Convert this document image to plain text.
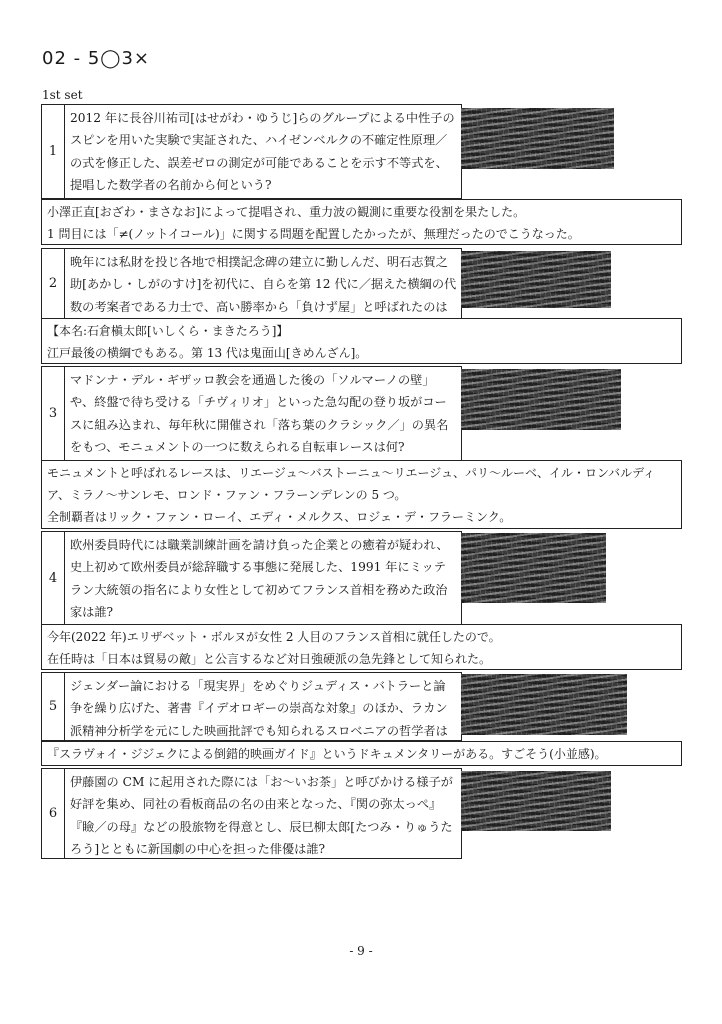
02 - 5◯3×
1st set
1
2012 年に長谷川祐司[はせがわ・ゆうじ]らのグループによる中性子のスピンを用いた実験で実証された、ハイゼンベルクの不確定性原理／の式を修正した、誤差ゼロの測定が可能であることを示す不等式を、提唱した数学者の名前から何という?
小澤正直[おざわ・まさなお]によって提唱され、重力波の観測に重要な役割を果たした。
1 問目には「≠(ノットイコール)」に関する問題を配置したかったが、無理だったのでこうなった。
2
晩年には私財を投じ各地で相撲記念碑の建立に勤しんだ、明石志賀之助[あかし・しがのすけ]を初代に、自らを第 12 代に／据えた横綱の代数の考案者である力士で、高い勝率から「負けず屋」と呼ばれたのは
【本名:石倉槇太郎[いしくら・まきたろう]】
江戸最後の横綱でもある。第 13 代は鬼面山[きめんざん]。
3
マドンナ・デル・ギザッロ教会を通過した後の「ソルマーノの壁」や、終盤で待ち受ける「チヴィリオ」といった急勾配の登り坂がコースに組み込まれ、毎年秋に開催され「落ち葉のクラシック／」の異名をもつ、モニュメントの一つに数えられる自転車レースは何?
モニュメントと呼ばれるレースは、リエージュ〜バストーニュ〜リエージュ、パリ〜ルーベ、イル・ロンバルディア、ミラノ〜サンレモ、ロンド・ファン・フラーンデレンの 5 つ。
全制覇者はリック・ファン・ローイ、エディ・メルクス、ロジェ・デ・フラーミンク。
4
欧州委員時代には職業訓練計画を請け負った企業との癒着が疑われ、史上初めて欧州委員が総辞職する事態に発展した、1991 年にミッテラン大統領の指名により女性として初めてフランス首相を務めた政治家は誰?
今年(2022 年)エリザベット・ボルヌが女性 2 人目のフランス首相に就任したので。
在任時は「日本は貿易の敵」と公言するなど対日強硬派の急先鋒として知られた。
5
ジェンダー論における「現実界」をめぐりジュディス・バトラーと論争を繰り広げた、著書『イデオロギーの崇高な対象』のほか、ラカン派精神分析学を元にした映画批評でも知られるスロベニアの哲学者は
『スラヴォイ・ジジェクによる倒錯的映画ガイド』というドキュメンタリーがある。すごそう(小並感)。
6
伊藤園の CM に起用された際には「お〜いお茶」と呼びかける様子が好評を集め、同社の看板商品の名の由来となった、『関の弥太っぺ』『瞼／の母』などの股旅物を得意とし、辰巳柳太郎[たつみ・りゅうたろう]とともに新国劇の中心を担った俳優は誰?
- 9 -
